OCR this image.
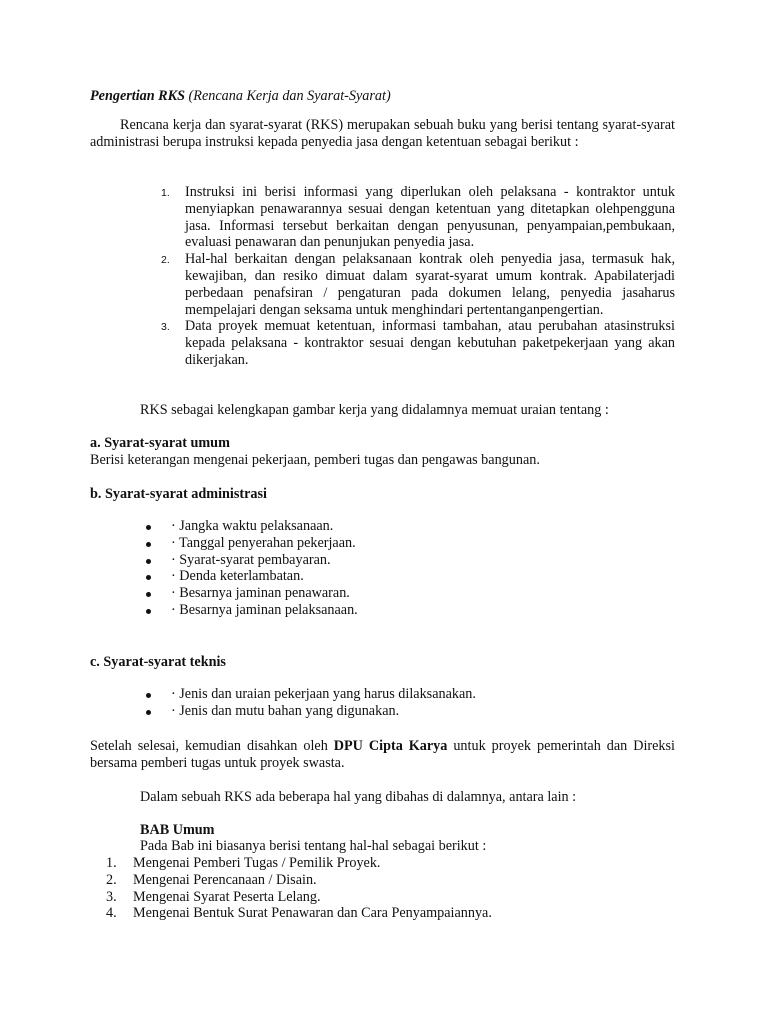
Pengertian RKS (Rencana Kerja dan Syarat-Syarat)

Rencana kerja dan syarat-syarat (RKS) merupakan sebuah buku yang berisi tentang syarat-syarat administrasi berupa instruksi kepada penyedia jasa dengan ketentuan sebagai berikut :

1. Instruksi ini berisi informasi yang diperlukan oleh pelaksana - kontraktor untuk menyiapkan penawarannya sesuai dengan ketentuan yang ditetapkan olehpengguna jasa. Informasi tersebut berkaitan dengan penyusunan, penyampaian,pembukaan, evaluasi penawaran dan penunjukan penyedia jasa.
2. Hal-hal berkaitan dengan pelaksanaan kontrak oleh penyedia jasa, termasuk hak, kewajiban, dan resiko dimuat dalam syarat-syarat umum kontrak. Apabilaterjadi perbedaan penafsiran / pengaturan pada dokumen lelang, penyedia jasaharus mempelajari dengan seksama untuk menghindari pertentanganpengertian.
3. Data proyek memuat ketentuan, informasi tambahan, atau perubahan atasinstruksi kepada pelaksana - kontraktor sesuai dengan kebutuhan paketpekerjaan yang akan dikerjakan.

RKS sebagai kelengkapan gambar kerja yang didalamnya memuat uraian tentang :

a. Syarat-syarat umum

Berisi keterangan mengenai pekerjaan, pemberi tugas dan pengawas bangunan.

b. Syarat-syarat administrasi

· Jangka waktu pelaksanaan.
· Tanggal penyerahan pekerjaan.
· Syarat-syarat pembayaran.
· Denda keterlambatan.
· Besarnya jaminan penawaran.
· Besarnya jaminan pelaksanaan.

c. Syarat-syarat teknis

· Jenis dan uraian pekerjaan yang harus dilaksanakan.
· Jenis dan mutu bahan yang digunakan.

Setelah selesai, kemudian disahkan oleh DPU Cipta Karya untuk proyek pemerintah dan Direksi bersama pemberi tugas untuk proyek swasta.

Dalam sebuah RKS ada beberapa hal yang dibahas di dalamnya, antara lain :

BAB Umum

Pada Bab ini biasanya berisi tentang hal-hal sebagai berikut :

1. Mengenai Pemberi Tugas / Pemilik Proyek.
2. Mengenai Perencanaan / Disain.
3. Mengenai Syarat Peserta Lelang.
4. Mengenai Bentuk Surat Penawaran dan Cara Penyampaiannya.
